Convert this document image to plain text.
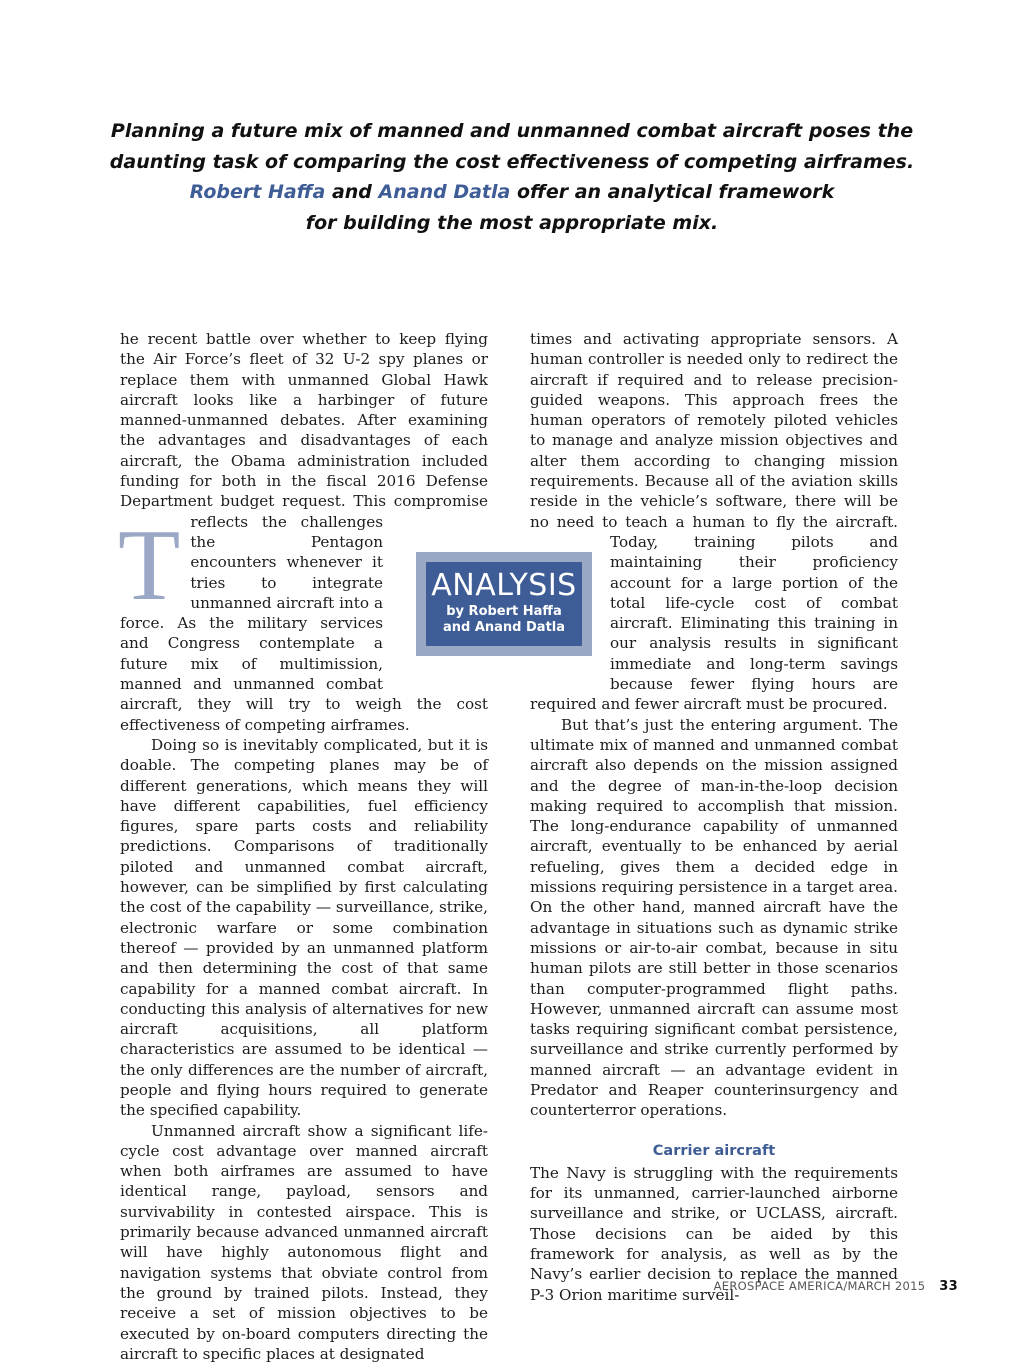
Planning a future mix of manned and unmanned combat aircraft poses the
daunting task of comparing the cost effectiveness of competing airframes.
Robert Haffa and Anand Datla offer an analytical framework
for building the most appropriate mix.

T
he recent battle over whether to keep flying the Air Force’s fleet of 32 U-2 spy planes or replace them with unmanned Global Hawk aircraft looks like a harbinger of future manned-unmanned debates. After examining the advantages and disadvantages of each aircraft, the Obama administration included funding for both in the fiscal 2016 Defense Department budget request. This compromise reflects the challenges the Pentagon encounters whenever it tries to integrate unmanned aircraft into a force. As the military services and Congress contemplate a future mix of multimission, manned and unmanned combat aircraft, they will try to weigh the cost effectiveness of competing airframes.

Doing so is inevitably complicated, but it is doable. The competing planes may be of different generations, which means they will have different capabilities, fuel efficiency figures, spare parts costs and reliability predictions. Comparisons of traditionally piloted and unmanned combat aircraft, however, can be simplified by first calculating the cost of the capability — surveillance, strike, electronic warfare or some combination thereof — provided by an unmanned platform and then determining the cost of that same capability for a manned combat aircraft. In conducting this analysis of alternatives for new aircraft acquisitions, all platform characteristics are assumed to be identical — the only differences are the number of aircraft, people and flying hours required to generate the specified capability.

Unmanned aircraft show a significant life-cycle cost advantage over manned aircraft when both airframes are assumed to have identical range, payload, sensors and survivability in contested airspace. This is primarily because advanced unmanned aircraft will have highly autonomous flight and navigation systems that obviate control from the ground by trained pilots. Instead, they receive a set of mission objectives to be executed by on-board computers directing the aircraft to specific places at designated

times and activating appropriate sensors. A human controller is needed only to redirect the aircraft if required and to release precision-guided weapons. This approach frees the human operators of remotely piloted vehicles to manage and analyze mission objectives and alter them according to changing mission requirements. Because all of the aviation skills reside in the vehicle’s software, there will be no need to teach a human to fly the aircraft. Today, training pilots and maintaining their proficiency account for a large portion of the total life-cycle cost of combat aircraft. Eliminating this training in our analysis results in significant immediate and long-term savings because fewer flying hours are required and fewer aircraft must be procured.

But that’s just the entering argument. The ultimate mix of manned and unmanned combat aircraft also depends on the mission assigned and the degree of man-in-the-loop decision making required to accomplish that mission. The long-endurance capability of unmanned aircraft, eventually to be enhanced by aerial refueling, gives them a decided edge in missions requiring persistence in a target area. On the other hand, manned aircraft have the advantage in situations such as dynamic strike missions or air-to-air combat, because in situ human pilots are still better in those scenarios than computer-programmed flight paths. However, unmanned aircraft can assume most tasks requiring significant combat persistence, surveillance and strike currently performed by manned aircraft — an advantage evident in Predator and Reaper counterinsurgency and counterterror operations.

Carrier aircraft

The Navy is struggling with the requirements for its unmanned, carrier-launched airborne surveillance and strike, or UCLASS, aircraft. Those decisions can be aided by this framework for analysis, as well as by the Navy’s earlier decision to replace the manned P-3 Orion maritime surveil-

ANALYSIS
by Robert Haffa
and Anand Datla
AEROSPACE AMERICA/MARCH 2015 33
